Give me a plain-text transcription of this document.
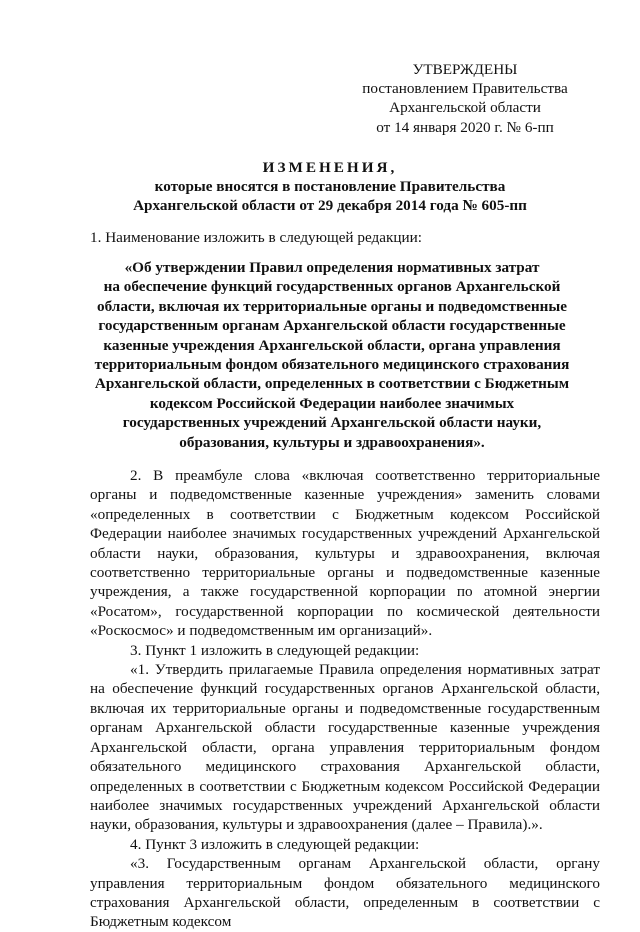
УТВЕРЖДЕНЫ
постановлением Правительства
Архангельской области
от 14 января 2020 г. № 6-пп
ИЗМЕНЕНИЯ,
которые вносятся в постановление Правительства
Архангельской области от 29 декабря 2014 года № 605-пп
1. Наименование изложить в следующей редакции:
«Об утверждении Правил определения нормативных затрат
на обеспечение функций государственных органов Архангельской
области, включая их территориальные органы и подведомственные
государственным органам Архангельской области государственные
казенные учреждения Архангельской области, органа управления
территориальным фондом обязательного медицинского страхования
Архангельской области, определенных в соответствии с Бюджетным
кодексом Российской Федерации наиболее значимых
государственных учреждений Архангельской области науки,
образования, культуры и здравоохранения».

2. В преамбуле слова «включая соответственно территориальные органы и подведомственные казенные учреждения» заменить словами «определенных в соответствии с Бюджетным кодексом Российской Федерации наиболее значимых государственных учреждений Архангельской области науки, образования, культуры и здравоохранения, включая соответственно территориальные органы и подведомственные казенные учреждения, а также государственной корпорации по атомной энергии «Росатом», государственной корпорации по космической деятельности «Роскосмос» и подведомственным им организаций».

3. Пункт 1 изложить в следующей редакции:

«1. Утвердить прилагаемые Правила определения нормативных затрат на обеспечение функций государственных органов Архангельской области, включая их территориальные органы и подведомственные государственным органам Архангельской области государственные казенные учреждения Архангельской области, органа управления территориальным фондом обязательного медицинского страхования Архангельской области, определенных в соответствии с Бюджетным кодексом Российской Федерации наиболее значимых государственных учреждений Архангельской области науки, образования, культуры и здравоохранения (далее – Правила).».

4. Пункт 3 изложить в следующей редакции:

«3. Государственным органам Архангельской области, органу управления территориальным фондом обязательного медицинского страхования Архангельской области, определенным в соответствии с Бюджетным кодексом
